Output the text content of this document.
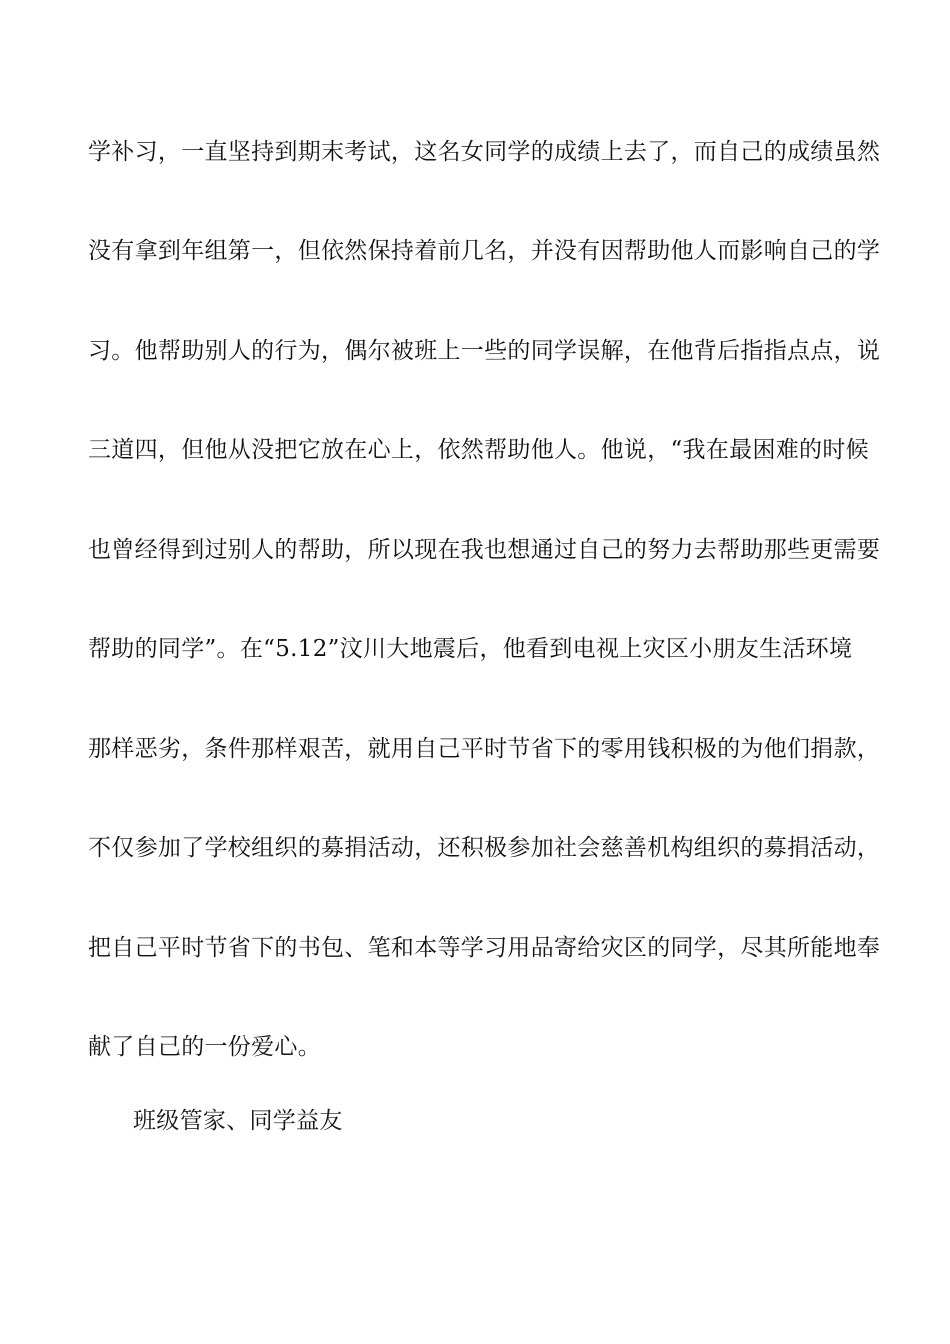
学补习，一直坚持到期末考试，这名女同学的成绩上去了，而自己的成绩虽然
没有拿到年组第一，但依然保持着前几名，并没有因帮助他人而影响自己的学
习。他帮助别人的行为，偶尔被班上一些的同学误解，在他背后指指点点，说
三道四，但他从没把它放在心上，依然帮助他人。他说，“我在最困难的时候
也曾经得到过别人的帮助，所以现在我也想通过自己的努力去帮助那些更需要
帮助的同学”。在“5.12”汶川大地震后，他看到电视上灾区小朋友生活环境
那样恶劣，条件那样艰苦，就用自己平时节省下的零用钱积极的为他们捐款，
不仅参加了学校组织的募捐活动，还积极参加社会慈善机构组织的募捐活动，
把自己平时节省下的书包、笔和本等学习用品寄给灾区的同学，尽其所能地奉
献了自己的一份爱心。
班级管家、同学益友
